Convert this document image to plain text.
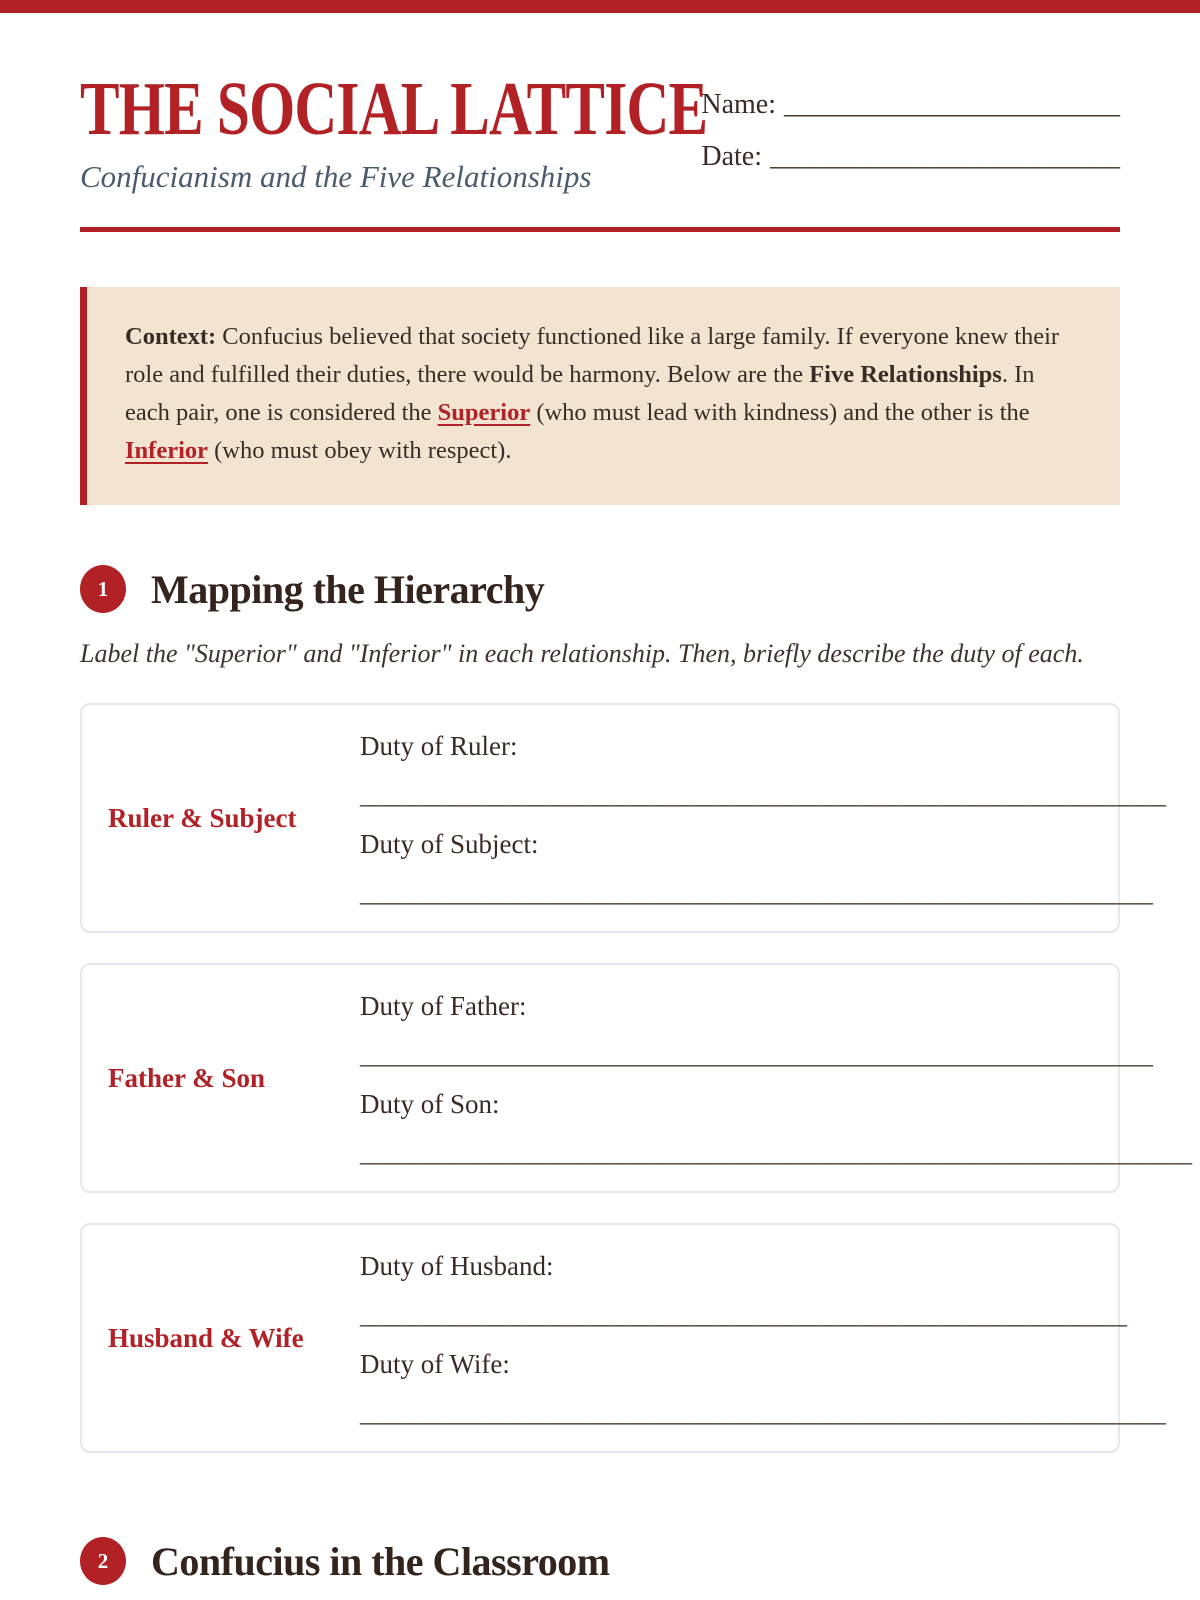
THE SOCIAL LATTICE

Confucianism and the Five Relationships

Name: ________________________
Date: _________________________

Context: Confucius believed that society functioned like a large family. If everyone knew their role and fulfilled their duties, there would be harmony. Below are the Five Relationships. In each pair, one is considered the Superior (who must lead with kindness) and the other is the Inferior (who must obey with respect).

1 Mapping the Hierarchy

Label the "Superior" and "Inferior" in each relationship. Then, briefly describe the duty of each.

Ruler & Subject

Duty of Ruler:

______________________________________________________________

Duty of Subject:

_____________________________________________________________

Father & Son

Duty of Father:

_____________________________________________________________

Duty of Son:

________________________________________________________________

Husband & Wife

Duty of Husband:

___________________________________________________________

Duty of Wife:

______________________________________________________________

2 Confucius in the Classroom
